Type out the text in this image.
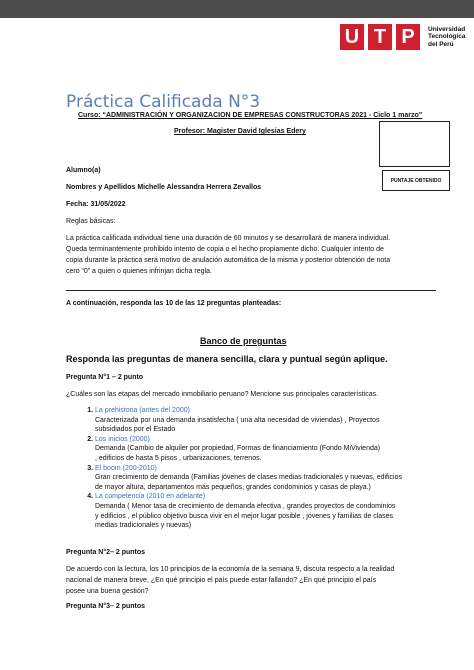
U T P	Universidad
Tecnológica
del Perú
Práctica Calificada N°3
Curso: “ADMINISTRACIÓN Y ORGANIZACION DE EMPRESAS CONSTRUCTORAS 2021 - Ciclo 1 marzo”
Profesor: Magister David Iglesias Edery
PUNTAJE OBTENIDO
Alumno(a)
Nombres y Apellidos Michelle Alessandra Herrera Zevallos
Fecha: 31/05/2022
Reglas básicas:
La práctica calificada individual tiene una duración de 60 minutos y se desarrollará de manera individual.
Queda terminantemente prohibido intento de copia o el hecho propiamente dicho. Cualquier intento de
copia durante la práctica será motivo de anulación automática de la misma y posterior obtención de nota
cero “0” a quien o quienes infrinjan dicha regla.
A continuación, responda las 10 de las 12 preguntas planteadas:
Banco de preguntas
Responda las preguntas de manera sencilla, clara y puntual según aplique.
Pregunta N°1 – 2 punto
¿Cuáles son las etapas del mercado inmobiliario peruano? Mencione sus principales características.
1. La prehistoria (antes del 2000)
Caracterizada por una demanda insatisfecha ( una alta necesidad de viviendas) , Proyectos
subsidiados por el Estado
2. Los inicios (2000)
Demanda (Cambio de alquiler por propiedad, Formas de financiamiento (Fondo MiVivienda)
, edificios de hasta 5 pisos , urbanizaciones, terrenos.
3. El boom (200-2010)
Gran crecimiento de demanda (Familias jóvenes de clases medias tradicionales y nuevas, edificios
de mayor altura, departamentos más pequeños, grandes condominios y casas de playa.)
4. La competencia (2010 en adelante)
Demanda ( Menor tasa de crecimiento de demanda efectiva , grandes proyectos de condominios
y edificios , el público objetivo busca vivir en el mejor lugar posible , jóvenes y familias de clases
medias tradicionales y nuevas)
Pregunta N°2– 2 puntos
De acuerdo con la lectura, los 10 principios de la economía de la semana 9, discuta respecto a la realidad
nacional de manera breve, ¿En qué principio el país puede estar fallando? ¿En qué principio el país
posee una buena gestión?
Pregunta N°3– 2 puntos
